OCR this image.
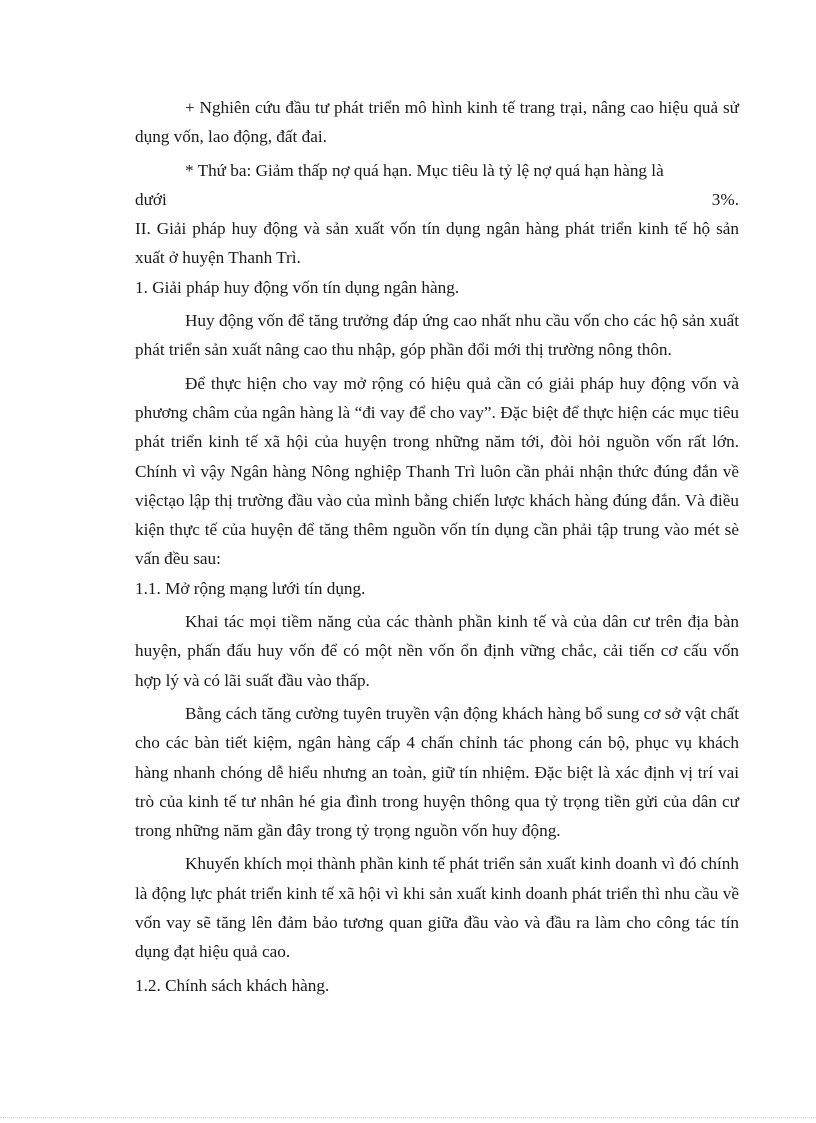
+ Nghiên cứu đầu tư phát triển mô hình kinh tế trang trại, nâng cao hiệu quả sử dụng vốn, lao động, đất đai.

* Thứ ba: Giảm thấp nợ quá hạn. Mục tiêu là tỷ lệ nợ quá hạn hàng là

dưới	3%.

II. Giải pháp huy động và sản xuất vốn tín dụng ngân hàng phát triển kinh tế hộ sản xuất ở huyện Thanh Trì.

1. Giải pháp huy động vốn tín dụng ngân hàng.

Huy động vốn để tăng trưởng đáp ứng cao nhất nhu cầu vốn cho các hộ sản xuất phát triển sản xuất nâng cao thu nhập, góp phần đổi mới thị trường nông thôn.

Để thực hiện cho vay mở rộng có hiệu quả cần có giải pháp huy động vốn và phương châm của ngân hàng là “đi vay để cho vay”. Đặc biệt để thực hiện các mục tiêu phát triển kinh tế xã hội của huyện trong những năm tới, đòi hỏi nguồn vốn rất lớn. Chính vì vậy Ngân hàng Nông nghiệp Thanh Trì luôn cần phải nhận thức đúng đắn về việctạo lập thị trường đầu vào của mình bằng chiến lược khách hàng đúng đắn. Và điều kiện thực tế của huyện để tăng thêm nguồn vốn tín dụng cần phải tập trung vào mét sè vấn đều sau:

1.1. Mở rộng mạng lưới tín dụng.

Khai tác mọi tiềm năng của các thành phần kinh tế và của dân cư trên địa bàn huyện, phấn đấu huy vốn để có một nền vốn ổn định vững chắc, cải tiến cơ cấu vốn hợp lý và có lãi suất đầu vào thấp.

Bằng cách tăng cường tuyên truyền vận động khách hàng bổ sung cơ sở vật chất cho các bàn tiết kiệm, ngân hàng cấp 4 chấn chỉnh tác phong cán bộ, phục vụ khách hàng nhanh chóng dễ hiểu nhưng an toàn, giữ tín nhiệm. Đặc biệt là xác định vị trí vai trò của kinh tế tư nhân hé gia đình trong huyện thông qua tỷ trọng tiền gửi của dân cư trong những năm gần đây trong tỷ trọng nguồn vốn huy động.

Khuyến khích mọi thành phần kinh tế phát triển sản xuất kinh doanh vì đó chính là động lực phát triển kinh tế xã hội vì khi sản xuất kinh doanh phát triển thì nhu cầu về vốn vay sẽ tăng lên đảm bảo tương quan giữa đầu vào và đầu ra làm cho công tác tín dụng đạt hiệu quả cao.

1.2. Chính sách khách hàng.
